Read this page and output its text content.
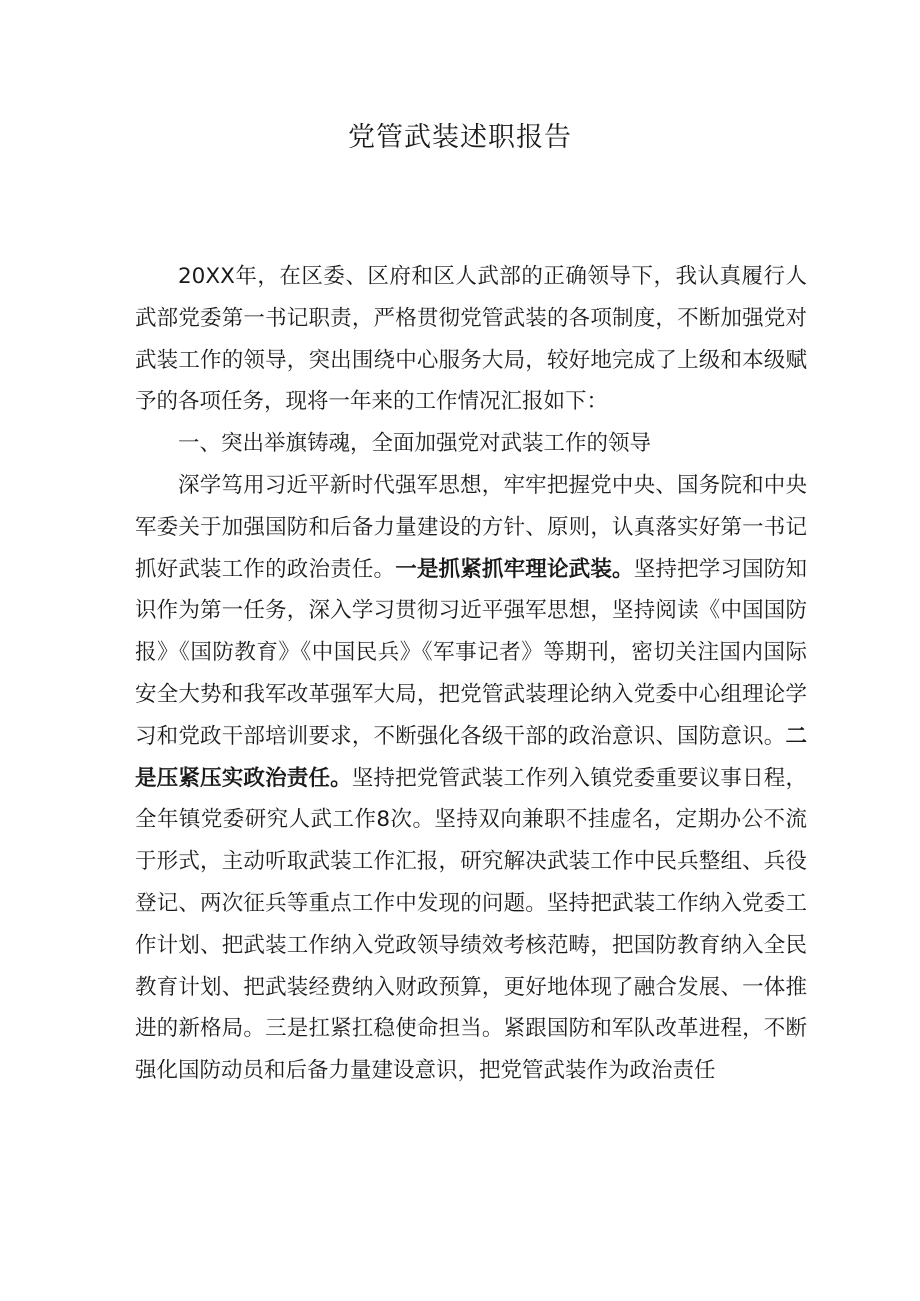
党管武装述职报告

20XX年，在区委、区府和区人武部的正确领导下，我认真履行人武部党委第一书记职责，严格贯彻党管武装的各项制度，不断加强党对武装工作的领导，突出围绕中心服务大局，较好地完成了上级和本级赋予的各项任务，现将一年来的工作情况汇报如下：

一、突出举旗铸魂，全面加强党对武装工作的领导

深学笃用习近平新时代强军思想，牢牢把握党中央、国务院和中央军委关于加强国防和后备力量建设的方针、原则，认真落实好第一书记抓好武装工作的政治责任。一是抓紧抓牢理论武装。坚持把学习国防知识作为第一任务，深入学习贯彻习近平强军思想，坚持阅读《中国国防报》《国防教育》《中国民兵》《军事记者》等期刊，密切关注国内国际安全大势和我军改革强军大局，把党管武装理论纳入党委中心组理论学习和党政干部培训要求，不断强化各级干部的政治意识、国防意识。二是压紧压实政治责任。坚持把党管武装工作列入镇党委重要议事日程，全年镇党委研究人武工作8次。坚持双向兼职不挂虚名，定期办公不流于形式，主动听取武装工作汇报，研究解决武装工作中民兵整组、兵役登记、两次征兵等重点工作中发现的问题。坚持把武装工作纳入党委工作计划、把武装工作纳入党政领导绩效考核范畴，把国防教育纳入全民教育计划、把武装经费纳入财政预算，更好地体现了融合发展、一体推进的新格局。三是扛紧扛稳使命担当。紧跟国防和军队改革进程，不断强化国防动员和后备力量建设意识，把党管武装作为政治责任
